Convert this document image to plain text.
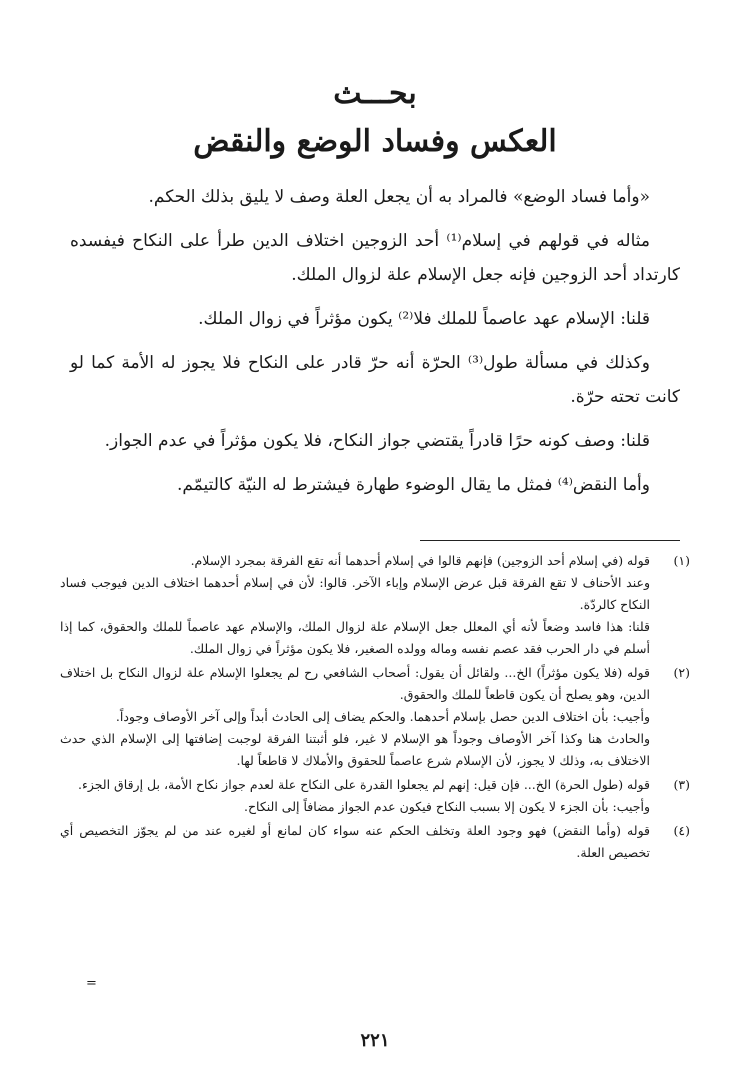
بحـــث
العكس وفساد الوضع والنقض

«وأما فساد الوضع» فالمراد به أن يجعل العلة وصف لا يليق بذلك الحكم.

مثاله في قولهم في إسلام⁽¹⁾ أحد الزوجين اختلاف الدين طرأ على النكاح فيفسده كارتداد أحد الزوجين فإنه جعل الإسلام علة لزوال الملك.

قلنا: الإسلام عهد عاصماً للملك فلا⁽²⁾ يكون مؤثراً في زوال الملك.

وكذلك في مسألة طول⁽³⁾ الحرّة أنه حرّ قادر على النكاح فلا يجوز له الأمة كما لو كانت تحته حرّة.

قلنا: وصف كونه حرًا قادراً يقتضي جواز النكاح، فلا يكون مؤثراً في عدم الجواز.

وأما النقض⁽⁴⁾ فمثل ما يقال الوضوء طهارة فيشترط له النيّة كالتيمّم.

(١)

قوله (في إسلام أحد الزوجين) فإنهم قالوا في إسلام أحدهما أنه تقع الفرقة بمجرد الإسلام.

وعند الأحناف لا تقع الفرقة قبل عرض الإسلام وإباء الآخر. قالوا: لأن في إسلام أحدهما اختلاف الدين فيوجب فساد النكاح كالردّة.

قلنا: هذا فاسد وضعاً لأنه أي المعلل جعل الإسلام علة لزوال الملك، والإسلام عهد عاصماً للملك والحقوق، كما إذا أسلم في دار الحرب فقد عصم نفسه وماله وولده الصغير، فلا يكون مؤثراً في زوال الملك.

(٢)

قوله (فلا يكون مؤثراً) الخ... ولقائل أن يقول: أصحاب الشافعي رح لم يجعلوا الإسلام علة لزوال النكاح بل اختلاف الدين، وهو يصلح أن يكون قاطعاً للملك والحقوق.

وأجيب: بأن اختلاف الدين حصل بإسلام أحدهما. والحكم يضاف إلى الحادث أبداً وإلى آخر الأوصاف وجوداً.

والحادث هنا وكذا آخر الأوصاف وجوداً هو الإسلام لا غير، فلو أثبتنا الفرقة لوجبت إضافتها إلى الإسلام الذي حدث الاختلاف به، وذلك لا يجوز، لأن الإسلام شرع عاصماً للحقوق والأملاك لا قاطعاً لها.

(٣)

قوله (طول الحرة) الخ... فإن قيل: إنهم لم يجعلوا القدرة على النكاح علة لعدم جواز نكاح الأمة، بل إرقاق الجزء.

وأجيب: بأن الجزء لا يكون إلا بسبب النكاح فيكون عدم الجواز مضافاً إلى النكاح.

(٤)

قوله (وأما النقض) فهو وجود العلة وتخلف الحكم عنه سواء كان لمانع أو لغيره عند من لم يجوّز التخصيص أي تخصيص العلة.

=
٢٢١
